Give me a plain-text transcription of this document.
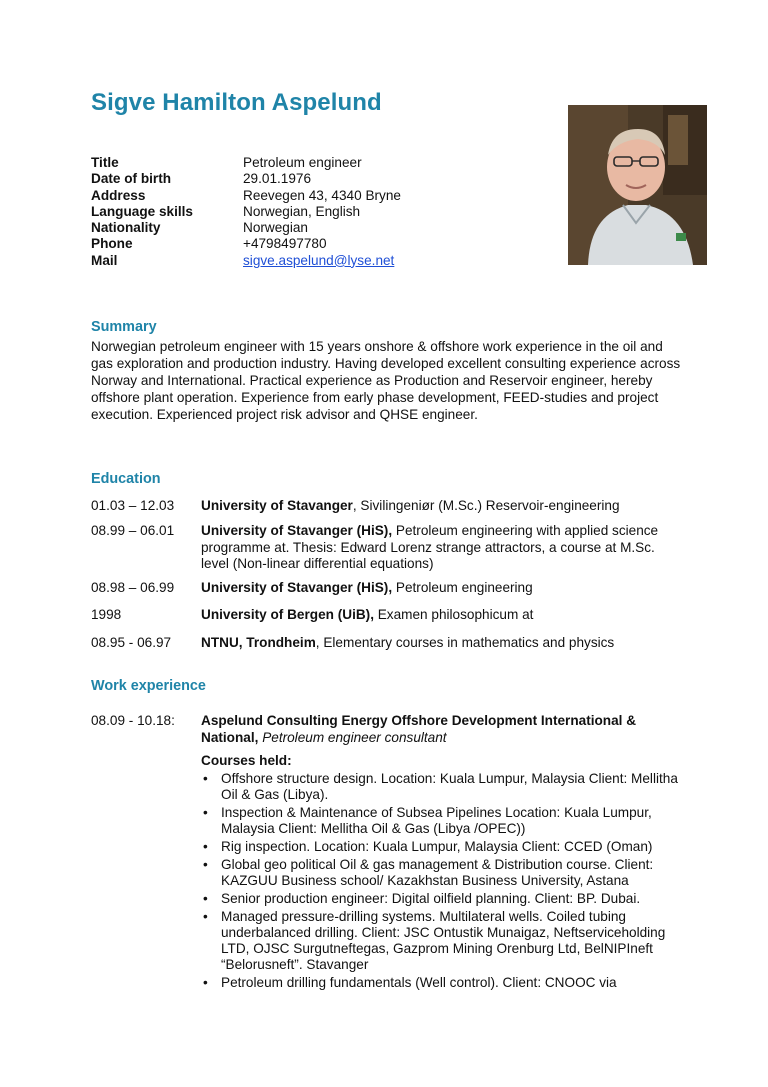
Sigve Hamilton Aspelund
Title	Petroleum engineer
Date of birth	29.01.1976
Address	Reevegen 43, 4340 Bryne
Language skills	Norwegian, English
Nationality	Norwegian
Phone	+4798497780
Mail	sigve.aspelund@lyse.net
Summary
Norwegian petroleum engineer with 15 years onshore & offshore work experience in the oil and gas exploration and production industry. Having developed excellent consulting experience across Norway and International. Practical experience as Production and Reservoir engineer, hereby offshore plant operation. Experience from early phase development, FEED-studies and project execution. Experienced project risk advisor and QHSE engineer.
Education
01.03 – 12.03	University of Stavanger, Sivilingeniør (M.Sc.) Reservoir-engineering
08.99 – 06.01	University of Stavanger (HiS), Petroleum engineering with applied science programme at. Thesis: Edward Lorenz strange attractors, a course at M.Sc. level (Non-linear differential equations)
08.98 – 06.99	University of Stavanger (HiS), Petroleum engineering
1998	University of Bergen (UiB), Examen philosophicum at
08.95 - 06.97	NTNU, Trondheim, Elementary courses in mathematics and physics
Work experience
08.09 - 10.18:	Aspelund Consulting Energy Offshore Development International & National, Petroleum engineer consultant
Courses held:
• Offshore structure design. Location: Kuala Lumpur, Malaysia Client: Mellitha Oil & Gas (Libya).
• Inspection & Maintenance of Subsea Pipelines Location: Kuala Lumpur, Malaysia Client: Mellitha Oil & Gas (Libya /OPEC))
• Rig inspection. Location: Kuala Lumpur, Malaysia Client: CCED (Oman)
• Global geo political Oil & gas management & Distribution course. Client: KAZGUU Business school/ Kazakhstan Business University, Astana
• Senior production engineer: Digital oilfield planning. Client: BP. Dubai.
• Managed pressure-drilling systems. Multilateral wells. Coiled tubing underbalanced drilling. Client: JSC Ontustik Munaigaz, Neftserviceholding LTD, OJSC Surgutneftegas, Gazprom Mining Orenburg Ltd, BelNIPIneft “Belorusneft”. Stavanger
• Petroleum drilling fundamentals (Well control). Client: CNOOC via
